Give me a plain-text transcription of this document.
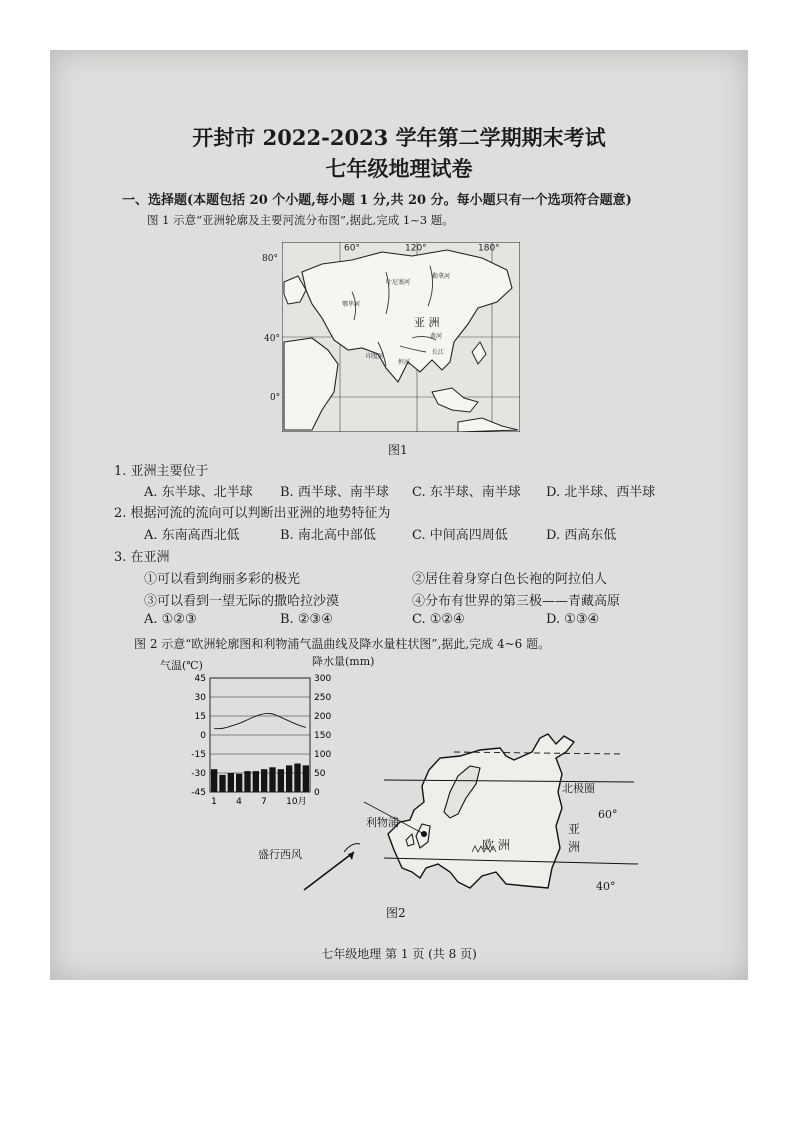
开封市 2022-2023 学年第二学期期末考试
七年级地理试卷
一、选择题(本题包括 20 个小题,每小题 1 分,共 20 分。每小题只有一个选项符合题意)
图 1 示意“亚洲轮廓及主要河流分布图”,据此,完成 1~3 题。
60°	120°	180°
亚 洲
叶尼塞河
勒拿河
鄂毕河
印度河
恒河
黄河
长江
80°
40°
0°
图1
1. 亚洲主要位于
A. 东半球、北半球 B. 西半球、南半球 C. 东半球、南半球 D. 北半球、西半球
2. 根据河流的流向可以判断出亚洲的地势特征为
A. 东南高西北低	B. 南北高中部低	C. 中间高四周低	D. 西高东低
3. 在亚洲
①可以看到绚丽多彩的极光	②居住着身穿白色长袍的阿拉伯人
③可以看到一望无际的撒哈拉沙漠	④分布有世界的第三极——青藏高原
A. ①②③	B. ②③④	C. ①②④	D. ①③④
图 2 示意“欧洲轮廓图和利物浦气温曲线及降水量柱状图”,据此,完成 4~6 题。
气温(℃)	降水量(mm)
45
30
15
0
-15
-30
-45
300
250
200
150
100
50
0
1 4 7 10月
北极圈
60°
40°
利物浦
盛行西风
欧 洲
亚
洲
图2
七年级地理 第 1 页 (共 8 页)
